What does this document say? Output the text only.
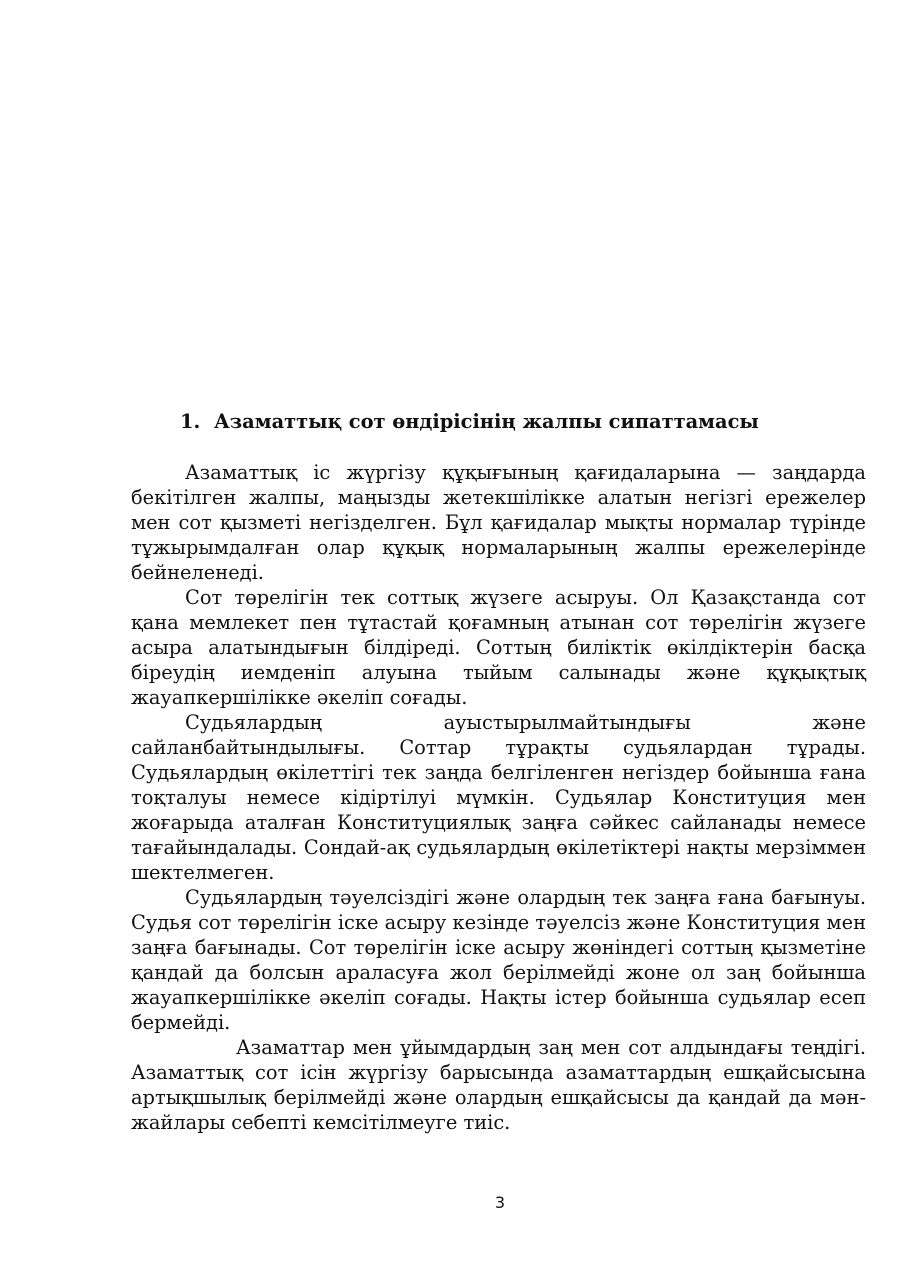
1. Азаматтық сот өндірісінің жалпы сипаттамасы

Азаматтық іс жүргізу құқығының қағидаларына — заңдарда бекітілген жалпы, маңызды жетекшілікке алатын негізгі ережелер мен сот қызметі негізделген. Бұл қағидалар мықты нормалар түрінде тұжырымдалған олар құқық нормаларының жалпы ережелерінде бейнеленеді.

Сот төрелігін тек соттық жүзеге асыруы. Ол Қазақстанда сот қана мемлекет пен тұтастай қоғамның атынан сот төрелігін жүзеге асыра алатындығын білдіреді. Соттың биліктік өкілдіктерін басқа біреудің иемденіп алуына тыйым салынады және құқықтық жауапкершілікке әкеліп соғады.

Судьялардың ауыстырылмайтындығы және сайланбайтындылығы. Соттар тұрақты судьялардан тұрады. Судьялардың өкілеттігі тек заңда белгіленген негіздер бойынша ғана тоқталуы немесе кідіртілуі мүмкін. Судьялар Конституция мен жоғарыда аталған Конституциялық заңға сәйкес сайланады немесе тағайындалады. Сондай-ақ судьялардың өкілетіктері нақты мерзіммен шектелмеген.

Судьялардың тәуелсіздігі және олардың тек заңға ғана бағынуы. Судья сот төрелігін іске асыру кезінде тәуелсіз және Конституция мен заңға бағынады. Сот төрелігін іске асыру жөніндегі соттың қызметіне қандай да болсын араласуға жол берілмейді жоне ол заң бойынша жауапкершілікке әкеліп соғады. Нақты істер бойынша судьялар есеп бермейді.

Азаматтар мен ұйымдардың заң мен сот алдындағы теңдігі. Азаматтық сот ісін жүргізу барысында азаматтардың ешқайсысына артықшылық берілмейді және олардың ешқайсысы да қандай да мән-жайлары себепті кемсітілмеуге тиіс.

3
